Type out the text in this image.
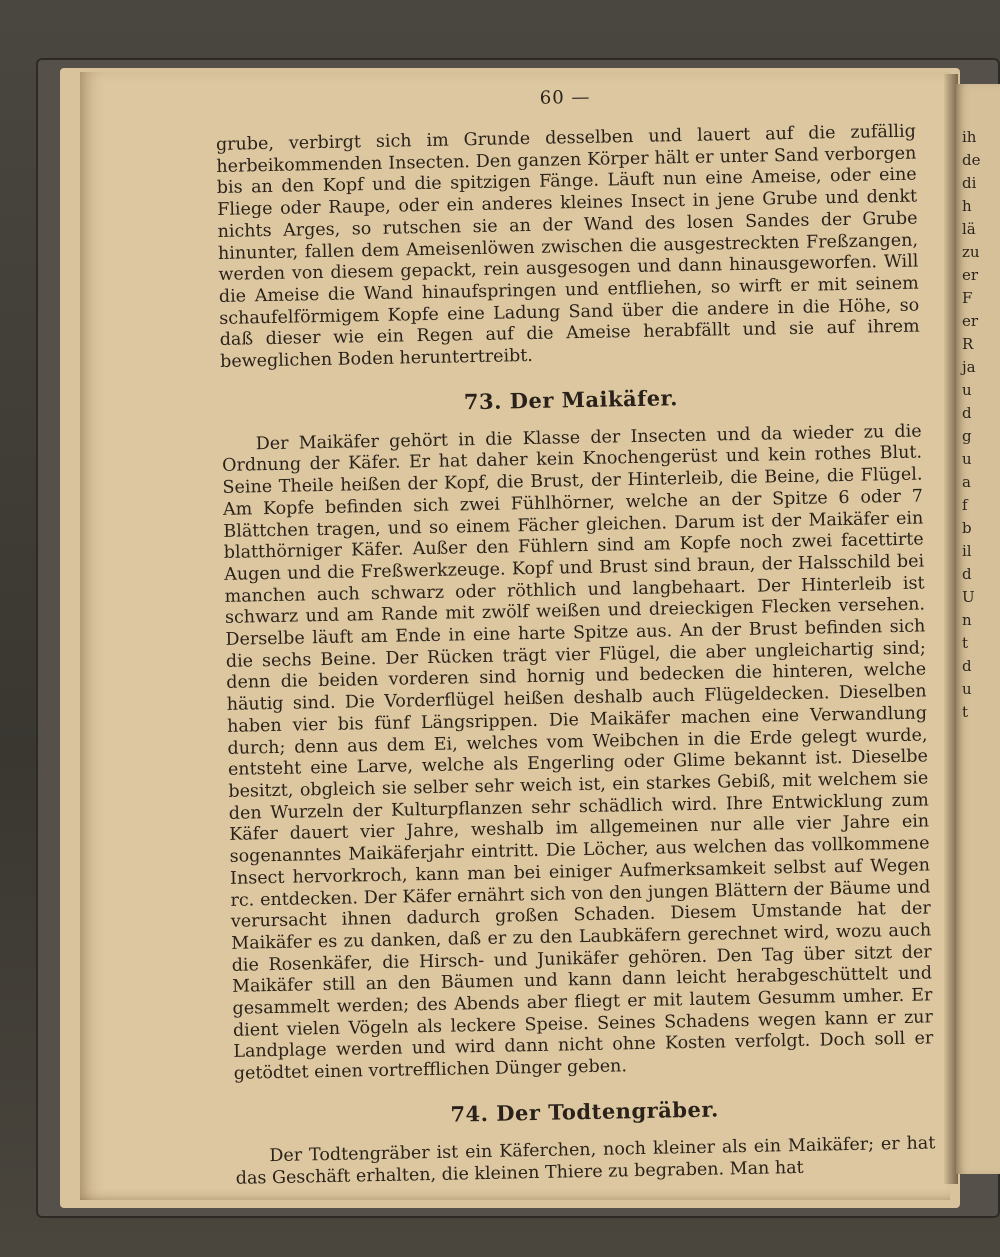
ih
de
di
h
lä
zu
er
F
er
R
ja
u
d
g
u
a
f
b
il
d
U
n
t
d
u
t
60 —

grube, verbirgt sich im Grunde desselben und lauert auf die zufällig herbeikommenden Insecten. Den ganzen Körper hält er unter Sand verborgen bis an den Kopf und die spitzigen Fänge. Läuft nun eine Ameise, oder eine Fliege oder Raupe, oder ein anderes kleines Insect in jene Grube und denkt nichts Arges, so rutschen sie an der Wand des losen Sandes der Grube hinunter, fallen dem Ameisenlöwen zwischen die ausgestreckten Freßzangen, werden von diesem gepackt, rein ausgesogen und dann hinausgeworfen. Will die Ameise die Wand hinaufspringen und entfliehen, so wirft er mit seinem schaufelförmigem Kopfe eine Ladung Sand über die andere in die Höhe, so daß dieser wie ein Regen auf die Ameise herabfällt und sie auf ihrem beweglichen Boden heruntertreibt.

73. Der Maikäfer.

Der Maikäfer gehört in die Klasse der Insecten und da wieder zu die Ordnung der Käfer. Er hat daher kein Knochengerüst und kein rothes Blut. Seine Theile heißen der Kopf, die Brust, der Hinterleib, die Beine, die Flügel. Am Kopfe befinden sich zwei Fühlhörner, welche an der Spitze 6 oder 7 Blättchen tragen, und so einem Fächer gleichen. Darum ist der Maikäfer ein blatthörniger Käfer. Außer den Fühlern sind am Kopfe noch zwei facettirte Augen und die Freßwerkzeuge. Kopf und Brust sind braun, der Halsschild bei manchen auch schwarz oder röthlich und langbehaart. Der Hinterleib ist schwarz und am Rande mit zwölf weißen und dreieckigen Flecken versehen. Derselbe läuft am Ende in eine harte Spitze aus. An der Brust befinden sich die sechs Beine. Der Rücken trägt vier Flügel, die aber ungleichartig sind; denn die beiden vorderen sind hornig und bedecken die hinteren, welche häutig sind. Die Vorderflügel heißen deshalb auch Flügeldecken. Dieselben haben vier bis fünf Längsrippen. Die Maikäfer machen eine Verwandlung durch; denn aus dem Ei, welches vom Weibchen in die Erde gelegt wurde, entsteht eine Larve, welche als Engerling oder Glime bekannt ist. Dieselbe besitzt, obgleich sie selber sehr weich ist, ein starkes Gebiß, mit welchem sie den Wurzeln der Kulturpflanzen sehr schädlich wird. Ihre Entwicklung zum Käfer dauert vier Jahre, weshalb im allgemeinen nur alle vier Jahre ein sogenanntes Maikäferjahr eintritt. Die Löcher, aus welchen das vollkommene Insect hervorkroch, kann man bei einiger Aufmerksamkeit selbst auf Wegen rc. entdecken. Der Käfer ernährt sich von den jungen Blättern der Bäume und verursacht ihnen dadurch großen Schaden. Diesem Umstande hat der Maikäfer es zu danken, daß er zu den Laubkäfern gerechnet wird, wozu auch die Rosenkäfer, die Hirsch- und Junikäfer gehören. Den Tag über sitzt der Maikäfer still an den Bäumen und kann dann leicht herabgeschüttelt und gesammelt werden; des Abends aber fliegt er mit lautem Gesumm umher. Er dient vielen Vögeln als leckere Speise. Seines Schadens wegen kann er zur Landplage werden und wird dann nicht ohne Kosten verfolgt. Doch soll er getödtet einen vortrefflichen Dünger geben.

74. Der Todtengräber.

Der Todtengräber ist ein Käferchen, noch kleiner als ein Maikäfer; er hat das Geschäft erhalten, die kleinen Thiere zu begraben. Man hat
